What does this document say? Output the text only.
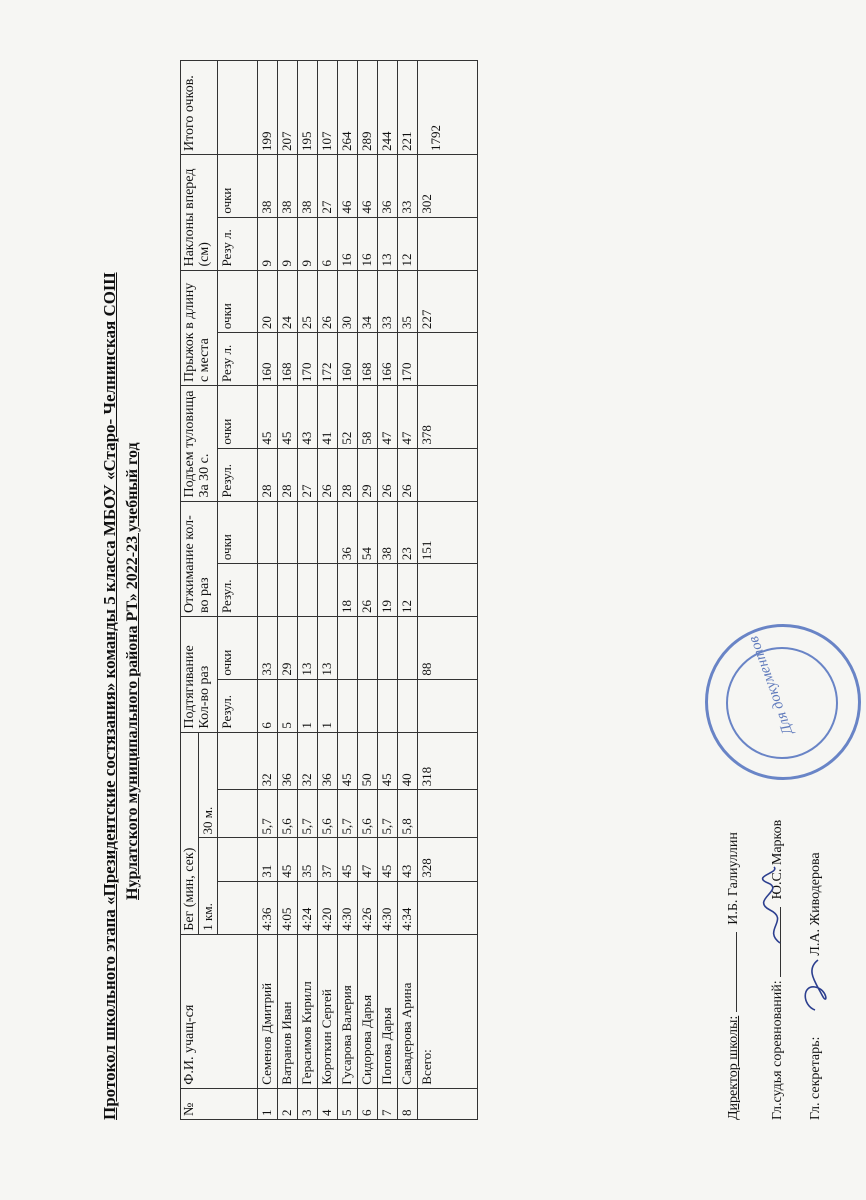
Протокол школьного этапа «Президентские состязания» команды 5 класса МБОУ «Старо- Челнинская СОШ Нурлатского муниципального района РТ» 2022-23 учебный год
№	Ф.И. учащ-ся	Бег (мин, сек)				Подтягивание Кол-во раз		Отжимание кол-во раз		Подъем туловища За 30 с.		Прыжок в длину с места		Наклоны вперед (см)		Итого очков.
		1 км.		30 м.												
						Резул.	очки	Резул.	очки	Резул.	очки	Резу л.	очки	Резу л.	очки	
1	Семенов Дмитрий	4:36	31	5,7	32	6	33			28	45	160	20	9	38	199
2	Ватранов Иван	4:05	45	5,6	36	5	29			28	45	168	24	9	38	207
3	Герасимов Кирилл	4:24	35	5,7	32	1	13			27	43	170	25	9	38	195
4	Короткин Сергей	4:20	37	5,6	36	1	13			26	41	172	26	6	27	107
5	Гусарова Валерия	4:30	45	5,7	45			18	36	28	52	160	30	16	46	264
6	Сидорова Дарья	4:26	47	5,6	50			26	54	29	58	168	34	16	46	289
7	Попова Дарья	4:30	45	5,7	45			19	38	26	47	166	33	13	36	244
8	Савадерова Арина	4:34	43	5,8	40			12	23	26	47	170	35	12	33	221
	Всего:		328		318		88		151		378		227		302	1792
Директор школы:  И.Б. Галиуллин
Гл.судья соревнований:  Ю.С. Марков
Гл. секретарь:  Л.А. Живодерова
Для документов
